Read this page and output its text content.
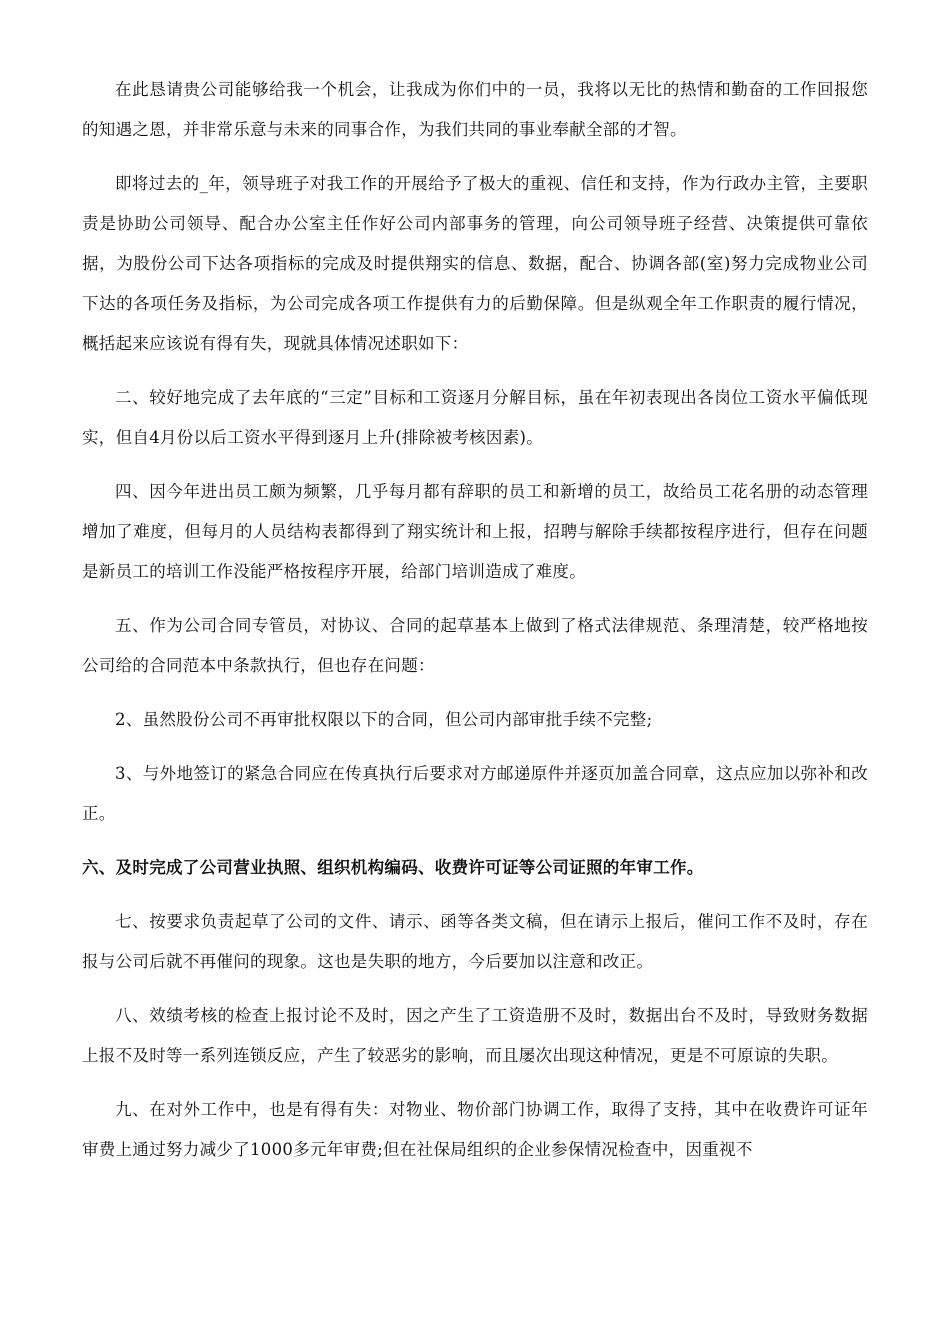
在此恳请贵公司能够给我一个机会，让我成为你们中的一员，我将以无比的热情和勤奋的工作回报您的知遇之恩，并非常乐意与未来的同事合作，为我们共同的事业奉献全部的才智。

即将过去的_年，领导班子对我工作的开展给予了极大的重视、信任和支持，作为行政办主管，主要职责是协助公司领导、配合办公室主任作好公司内部事务的管理，向公司领导班子经营、决策提供可靠依据，为股份公司下达各项指标的完成及时提供翔实的信息、数据，配合、协调各部(室)努力完成物业公司下达的各项任务及指标，为公司完成各项工作提供有力的后勤保障。但是纵观全年工作职责的履行情况，概括起来应该说有得有失，现就具体情况述职如下：

二、较好地完成了去年底的“三定”目标和工资逐月分解目标，虽在年初表现出各岗位工资水平偏低现实，但自4月份以后工资水平得到逐月上升(排除被考核因素)。

四、因今年进出员工颇为频繁，几乎每月都有辞职的员工和新增的员工，故给员工花名册的动态管理增加了难度，但每月的人员结构表都得到了翔实统计和上报，招聘与解除手续都按程序进行，但存在问题是新员工的培训工作没能严格按程序开展，给部门培训造成了难度。

五、作为公司合同专管员，对协议、合同的起草基本上做到了格式法律规范、条理清楚，较严格地按公司给的合同范本中条款执行，但也存在问题：

2、虽然股份公司不再审批权限以下的合同，但公司内部审批手续不完整;

3、与外地签订的紧急合同应在传真执行后要求对方邮递原件并逐页加盖合同章，这点应加以弥补和改正。

六、及时完成了公司营业执照、组织机构编码、收费许可证等公司证照的年审工作。

七、按要求负责起草了公司的文件、请示、函等各类文稿，但在请示上报后，催问工作不及时，存在报与公司后就不再催问的现象。这也是失职的地方，今后要加以注意和改正。

八、效绩考核的检查上报讨论不及时，因之产生了工资造册不及时，数据出台不及时，导致财务数据上报不及时等一系列连锁反应，产生了较恶劣的影响，而且屡次出现这种情况，更是不可原谅的失职。

九、在对外工作中，也是有得有失：对物业、物价部门协调工作，取得了支持，其中在收费许可证年审费上通过努力减少了1000多元年审费;但在社保局组织的企业参保情况检查中，因重视不
